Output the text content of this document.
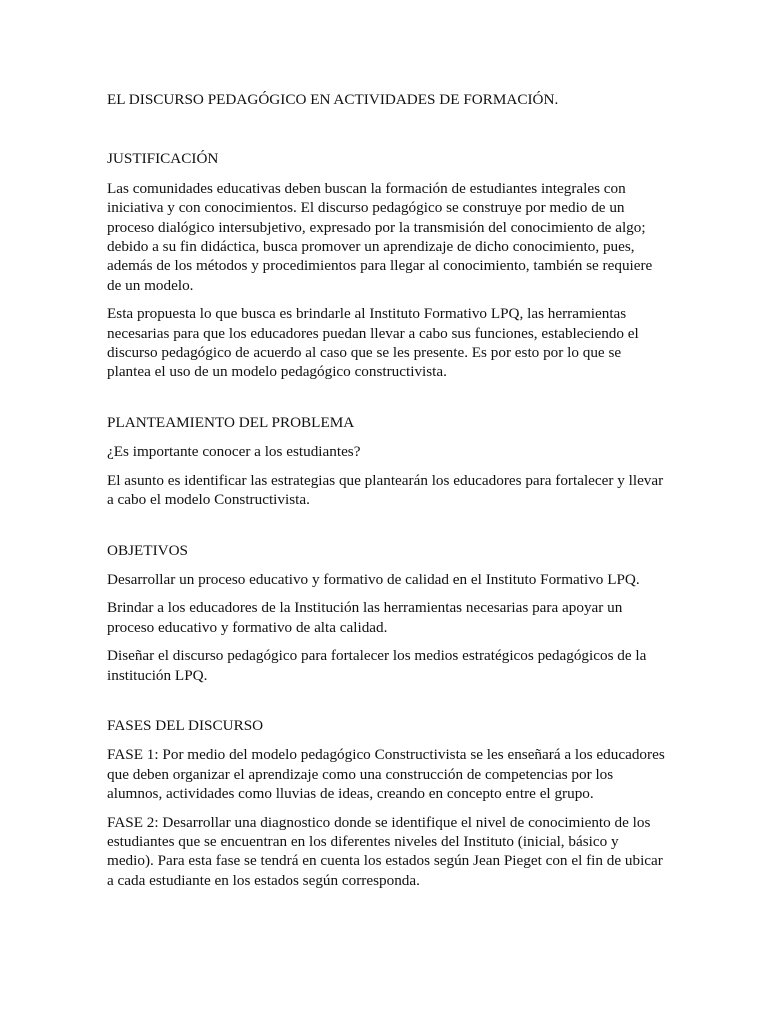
EL DISCURSO PEDAGÓGICO EN ACTIVIDADES DE FORMACIÓN.

JUSTIFICACIÓN

Las comunidades educativas deben buscan la formación de estudiantes integrales con iniciativa y con conocimientos. El discurso pedagógico se construye por medio de un proceso dialógico intersubjetivo, expresado por la transmisión del conocimiento de algo; debido a su fin didáctica, busca promover un aprendizaje de dicho conocimiento, pues, además de los métodos y procedimientos para llegar al conocimiento, también se requiere de un modelo.

Esta propuesta lo que busca es brindarle al Instituto Formativo LPQ, las herramientas necesarias para que los educadores puedan llevar a cabo sus funciones, estableciendo el discurso pedagógico de acuerdo al caso que se les presente. Es por esto por lo que se plantea el uso de un modelo pedagógico constructivista.

PLANTEAMIENTO DEL PROBLEMA

¿Es importante conocer a los estudiantes?

El asunto es identificar las estrategias que plantearán los educadores para fortalecer y llevar a cabo el modelo Constructivista.

OBJETIVOS

Desarrollar un proceso educativo y formativo de calidad en el Instituto Formativo LPQ.

Brindar a los educadores de la Institución las herramientas necesarias para apoyar un proceso educativo y formativo de alta calidad.

Diseñar el discurso pedagógico para fortalecer los medios estratégicos pedagógicos de la institución LPQ.

FASES DEL DISCURSO

FASE 1: Por medio del modelo pedagógico Constructivista se les enseñará a los educadores que deben organizar el aprendizaje como una construcción de competencias por los alumnos, actividades como lluvias de ideas, creando en concepto entre el grupo.

FASE 2: Desarrollar una diagnostico donde se identifique el nivel de conocimiento de los estudiantes que se encuentran en los diferentes niveles del Instituto (inicial, básico y medio). Para esta fase se tendrá en cuenta los estados según Jean Pieget con el fin de ubicar a cada estudiante en los estados según corresponda.
